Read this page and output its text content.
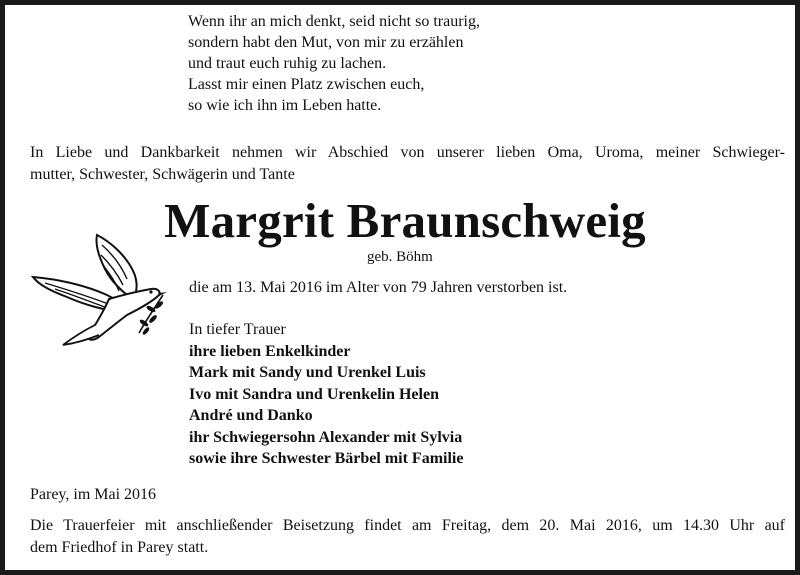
Wenn ihr an mich denkt, seid nicht so traurig,
sondern habt den Mut, von mir zu erzählen
und traut euch ruhig zu lachen.
Lasst mir einen Platz zwischen euch,
so wie ich ihn im Leben hatte.
In Liebe und Dankbarkeit nehmen wir Abschied von unserer lieben Oma, Uroma, meiner Schwieger-
mutter, Schwester, Schwägerin und Tante
Margrit Braunschweig
geb. Böhm
die am 13. Mai 2016 im Alter von 79 Jahren verstorben ist.
In tiefer Trauer
ihre lieben Enkelkinder
Mark mit Sandy und Urenkel Luis
Ivo mit Sandra und Urenkelin Helen
André und Danko
ihr Schwiegersohn Alexander mit Sylvia
sowie ihre Schwester Bärbel mit Familie
Parey, im Mai 2016
Die Trauerfeier mit anschließender Beisetzung findet am Freitag, dem 20. Mai 2016, um 14.30 Uhr auf
dem Friedhof in Parey statt.
